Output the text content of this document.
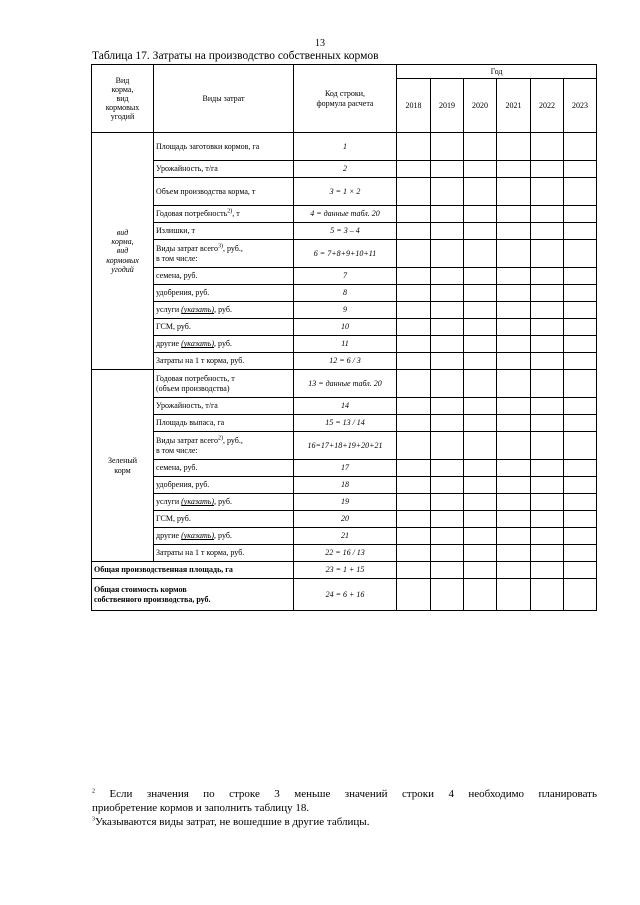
13
Таблица 17. Затраты на производство собственных кормов
Вид
корма,
вид
кормовых
угодий	Виды затрат	Код строки,
формула расчета	Год					
			2018	2019	2020	2021	2022	2023
вид
корма,
вид
кормовых
угодий	Площадь заготовки кормов, га	1						
	Урожайность, т/га	2						
	Объем производства корма, т	3 = 1 × 2						
	Годовая потребность$^{2)}$, т	4 = данные табл. 20						
	Излишки, т	5 = 3 – 4						
	Виды затрат всего$^{3)}$, руб.,
в том числе:	6 = 7+8+9+10+11						
	семена, руб.	7						
	удобрения, руб.	8						
	услуги (указать), руб.	9						
	ГСМ, руб.	10						
	другие (указать), руб.	11						
	Затраты на 1 т корма, руб.	12 = 6 / 3						
Зеленый
корм	Годовая потребность, т
(объем производства)	13 = данные табл. 20						
	Урожайность, т/га	14						
	Площадь выпаса, га	15 = 13 / 14						
	Виды затрат всего$^{2)}$, руб.,
в том числе:	16=17+18+19+20+21						
	семена, руб.	17						
	удобрения, руб.	18						
	услуги (указать), руб.	19						
	ГСМ, руб.	20						
	другие (указать), руб.	21						
	Затраты на 1 т корма, руб.	22 = 16 / 13						
Общая производственная площадь, га		23 = 1 + 15						
Общая стоимость кормов
собственного производства, руб.		24 = 6 + 16						

$^2$ Если значения по строке 3 меньше значений строки 4 необходимо планировать
приобретение кормов и заполнить таблицу 18.

$^3$Указываются виды затрат, не вошедшие в другие таблицы.
